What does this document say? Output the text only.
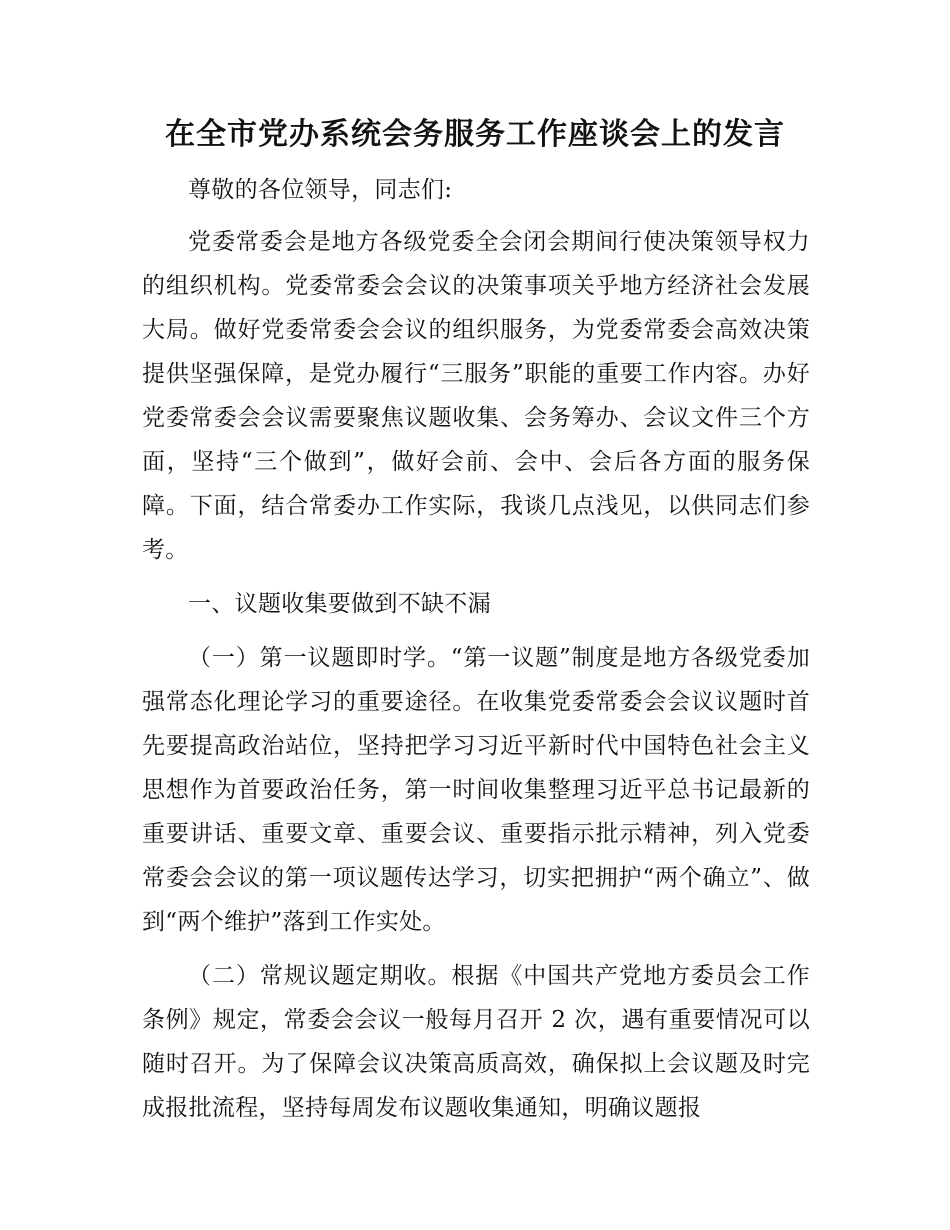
在全市党办系统会务服务工作座谈会上的发言

尊敬的各位领导，同志们:

党委常委会是地方各级党委全会闭会期间行使决策领导权力的组织机构。党委常委会会议的决策事项关乎地方经济社会发展大局。做好党委常委会会议的组织服务，为党委常委会高效决策提供坚强保障，是党办履行“三服务”职能的重要工作内容。办好党委常委会会议需要聚焦议题收集、会务筹办、会议文件三个方面，坚持“三个做到”，做好会前、会中、会后各方面的服务保障。下面，结合常委办工作实际，我谈几点浅见，以供同志们参考。

一、议题收集要做到不缺不漏

（一）第一议题即时学。“第一议题”制度是地方各级党委加强常态化理论学习的重要途径。在收集党委常委会会议议题时首先要提高政治站位，坚持把学习习近平新时代中国特色社会主义思想作为首要政治任务，第一时间收集整理习近平总书记最新的重要讲话、重要文章、重要会议、重要指示批示精神，列入党委常委会会议的第一项议题传达学习，切实把拥护“两个确立”、做到“两个维护”落到工作实处。

（二）常规议题定期收。根据《中国共产党地方委员会工作条例》规定，常委会会议一般每月召开 2 次，遇有重要情况可以随时召开。为了保障会议决策高质高效，确保拟上会议题及时完成报批流程，坚持每周发布议题收集通知，明确议题报
